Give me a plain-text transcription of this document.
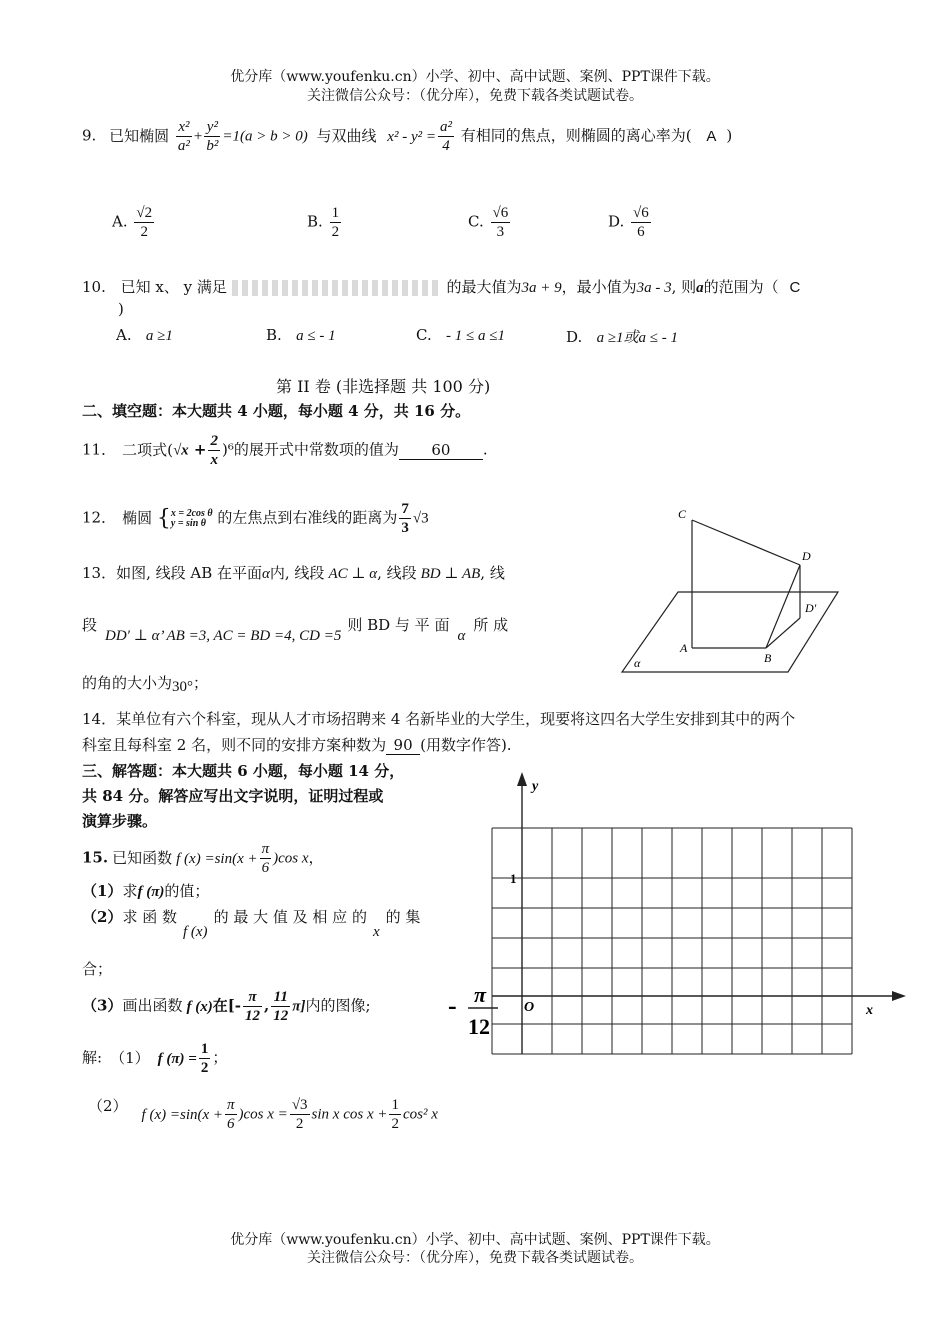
优分库（www.youfenku.cn）小学、初中、高中试题、案例、PPT课件下载。
关注微信公众号：（优分库），免费下载各类试题试卷。
9. 已知椭圆 $\frac{\text{x²}}{\text{a²}} + \frac{\text{y²}}{\text{b²}} =1(a > b > 0)$ 与双曲线 $x^2 - y^2 = \frac{\text{a²}}{4}$ 有相同的焦点，则椭圆的离心率为( A )
A. $\frac{√2}{2}$	B. $\frac{1}{2}$	C. $\frac{√6}{3}$	D. $\frac{√6}{6}$
10. 已知 x、 y 满足	的最大值为3a + 9，最小值为3a - 3, 则a的范围为（ C
)
A. a ≥1	B. a ≤ - 1	C. - 1 ≤ a ≤1	D. a ≥1或a ≤ - 1
第 II 卷 (非选择题 共 100 分)
二、填空题：本大题共 4 小题，每小题 4 分，共 16 分。
11． 二项式$(√x + \frac{2}{x} )^6$的展开式中常数项的值为 60 .
12． 椭圆 { x = 2cos θ
y = sin θ 的左焦点到右准线的距离为 $\frac{7}{3} √3$
13．如图, 线段 AB 在平面α内, 线段 AC ⊥ α, 线段 BD ⊥ AB, 线
段DD′ ⊥ α’ AB =3, AC = BD =4, CD =5则 BD 与 平 面α所 成
的角的大小为30°；
C
D
D′
A
B
α
14．某单位有六个科室，现从人才市场招聘来 4 名新毕业的大学生，现要将这四名大学生安排到其中的两个
科室且每科室 2 名，则不同的安排方案种数为 90 (用数字作答).
三、解答题：本大题共 6 小题，每小题 14 分，
共 84 分。解答应写出文字说明，证明过程或
演算步骤。
15. 已知函数 f $(x) =\sin(x + \frac{\pi}{6} )\cos$ x，
（1）求f (π)的值；
（2）求 函 数f (x)的 最 大 值 及 相 应 的x的 集
合；
（3）画出函数 f (x)在[- $\frac{\pi}{12}$ , $\frac{11}{12} \pi$]内的图像;
y
x
1
O
- π
12
解: （1） f $(\pi) = \frac{1}{2}$ ；
（2） f $(x) =\sin(x + \frac{\pi}{6} )\cos$ $x = \frac{√3}{2}$ sin x $\cos x + \frac{1}{2} \cos^2$ x
优分库（www.youfenku.cn）小学、初中、高中试题、案例、PPT课件下载。
关注微信公众号：（优分库），免费下载各类试题试卷。
